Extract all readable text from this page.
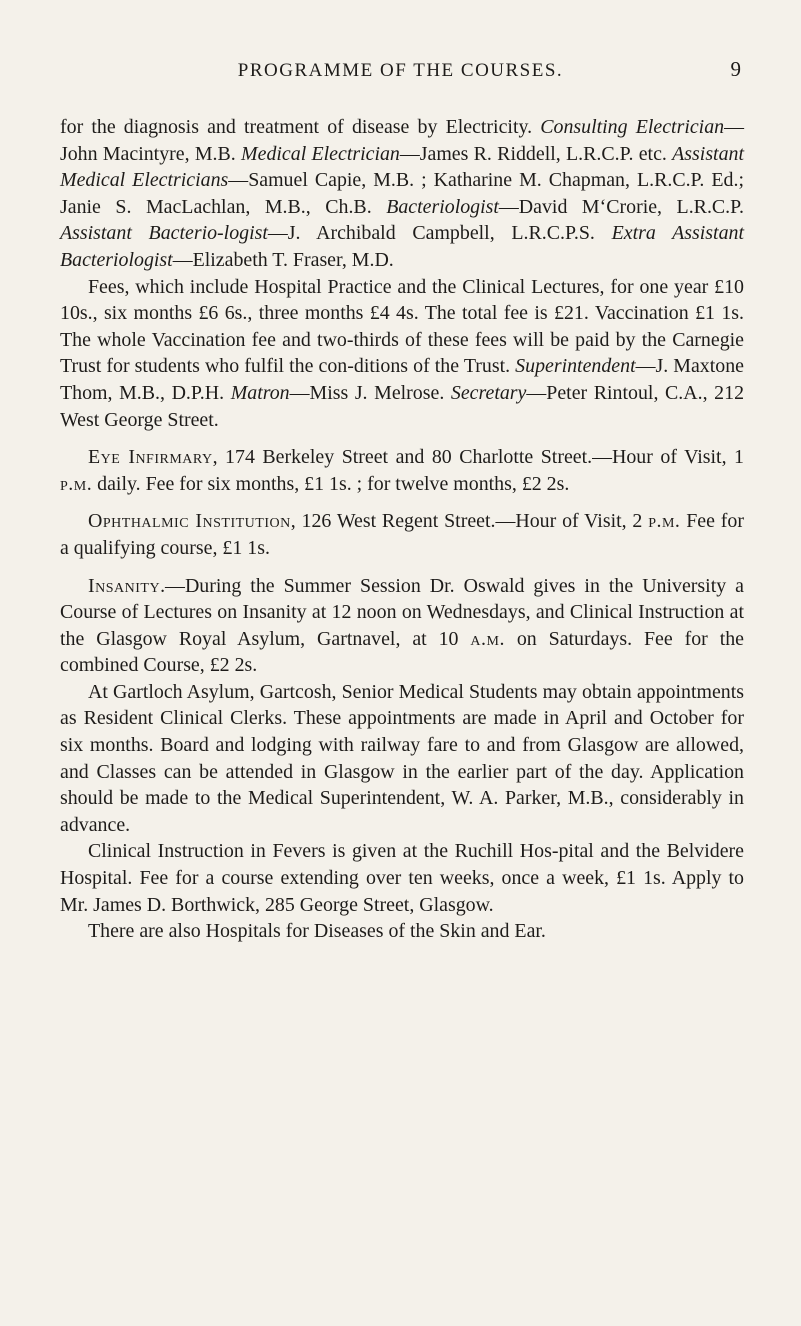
PROGRAMME OF THE COURSES.	9

for the diagnosis and treatment of disease by Electricity. Consulting Electrician—John Macintyre, M.B. Medical Electrician—James R. Riddell, L.R.C.P. etc. Assistant Medical Electricians—Samuel Capie, M.B. ; Katharine M. Chapman, L.R.C.P. Ed.; Janie S. MacLachlan, M.B., Ch.B. Bacteriologist—David M‘Crorie, L.R.C.P. Assistant Bacterio-logist—J. Archibald Campbell, L.R.C.P.S. Extra Assistant Bacteriologist—Elizabeth T. Fraser, M.D.

Fees, which include Hospital Practice and the Clinical Lectures, for one year £10 10s., six months £6 6s., three months £4 4s. The total fee is £21. Vaccination £1 1s. The whole Vaccination fee and two-thirds of these fees will be paid by the Carnegie Trust for students who fulfil the con-ditions of the Trust. Superintendent—J. Maxtone Thom, M.B., D.P.H. Matron—Miss J. Melrose. Secretary—Peter Rintoul, C.A., 212 West George Street.

Eye Infirmary, 174 Berkeley Street and 80 Charlotte Street.—Hour of Visit, 1 p.m. daily. Fee for six months, £1 1s. ; for twelve months, £2 2s.

Ophthalmic Institution, 126 West Regent Street.—Hour of Visit, 2 p.m. Fee for a qualifying course, £1 1s.

Insanity.—During the Summer Session Dr. Oswald gives in the University a Course of Lectures on Insanity at 12 noon on Wednesdays, and Clinical Instruction at the Glasgow Royal Asylum, Gartnavel, at 10 a.m. on Saturdays. Fee for the combined Course, £2 2s.

At Gartloch Asylum, Gartcosh, Senior Medical Students may obtain appointments as Resident Clinical Clerks. These appointments are made in April and October for six months. Board and lodging with railway fare to and from Glasgow are allowed, and Classes can be attended in Glasgow in the earlier part of the day. Application should be made to the Medical Superintendent, W. A. Parker, M.B., considerably in advance.

Clinical Instruction in Fevers is given at the Ruchill Hos-pital and the Belvidere Hospital. Fee for a course extending over ten weeks, once a week, £1 1s. Apply to Mr. James D. Borthwick, 285 George Street, Glasgow.

There are also Hospitals for Diseases of the Skin and Ear.
